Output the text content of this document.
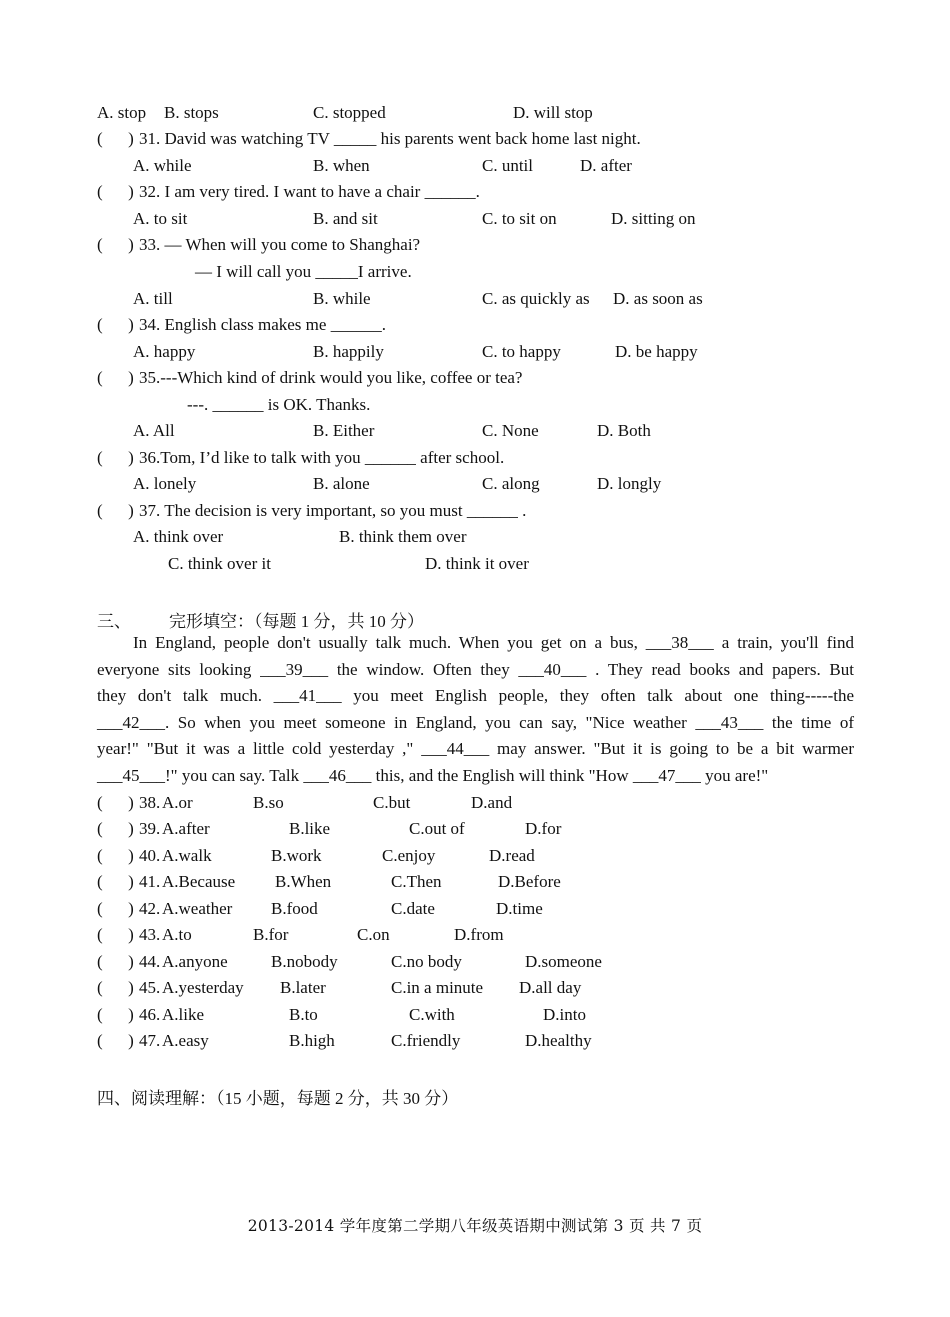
A. stop B. stops	C. stopped	D. will stop
(      ) 31. David was watching TV _____ his parents went back home last night.
A. while	B. when	C. until	D. after
(      ) 32. I am very tired. I want to have a chair ______.
A. to sit	B. and sit	C. to sit on	D. sitting on
(      ) 33. — When will you come to Shanghai?
— I will call you _____I arrive.
A. till	B. while	C. as quickly as D. as soon as
(      ) 34. English class makes me ______.
A. happy	B. happily	C. to happy	D. be happy
(      ) 35.---Which kind of drink would you like, coffee or tea?
---. ______ is OK. Thanks.
A. All	B. Either	C. None	D. Both
(      ) 36.Tom, I’d like to talk with you ______ after school.
A. lonely	B. alone	C. along	D. longly
(      ) 37. The decision is very important, so you must ______ .
A. think over	B. think them over
C. think over it	D. think it over
三、 完形填空：（每题 1 分，共 10 分）
In England, people don't usually talk much. When you get on a bus, ___38___ a train, you'll find
everyone sits looking ___39___ the window. Often they ___40___ . They read books and papers. But
they don't talk much. ___41___ you meet English people, they often talk about one thing-----the
___42___. So when you meet someone in England, you can say, "Nice weather ___43___ the time of
year!" "But it was a little cold yesterday ," ___44___ may answer. "But it is going to be a bit warmer
___45___!" you can say. Talk ___46___ this, and the English will think "How ___47___ you are!"
(      ) 38. A.or	B.so	C.but	D.and
(      ) 39. A.after	B.like	C.out of	D.for
(      ) 40. A.walk	B.work	C.enjoy	D.read
(      ) 41. A.Because B.When	C.Then	D.Before
(      ) 42. A.weather B.food	C.date	D.time
(      ) 43. A.to	B.for	C.on	D.from
(      ) 44. A.anyone	B.nobody	C.no body	D.someone
(      ) 45. A.yesterday B.later	C.in a minute D.all day
(      ) 46. A.like	B.to	C.with	D.into
(      ) 47. A.easy	B.high	C.friendly	D.healthy
四、阅读理解：（15 小题，每题 2 分，共 30 分）
2013-2014 学年度第二学期八年级英语期中测试第 3 页 共 7 页
